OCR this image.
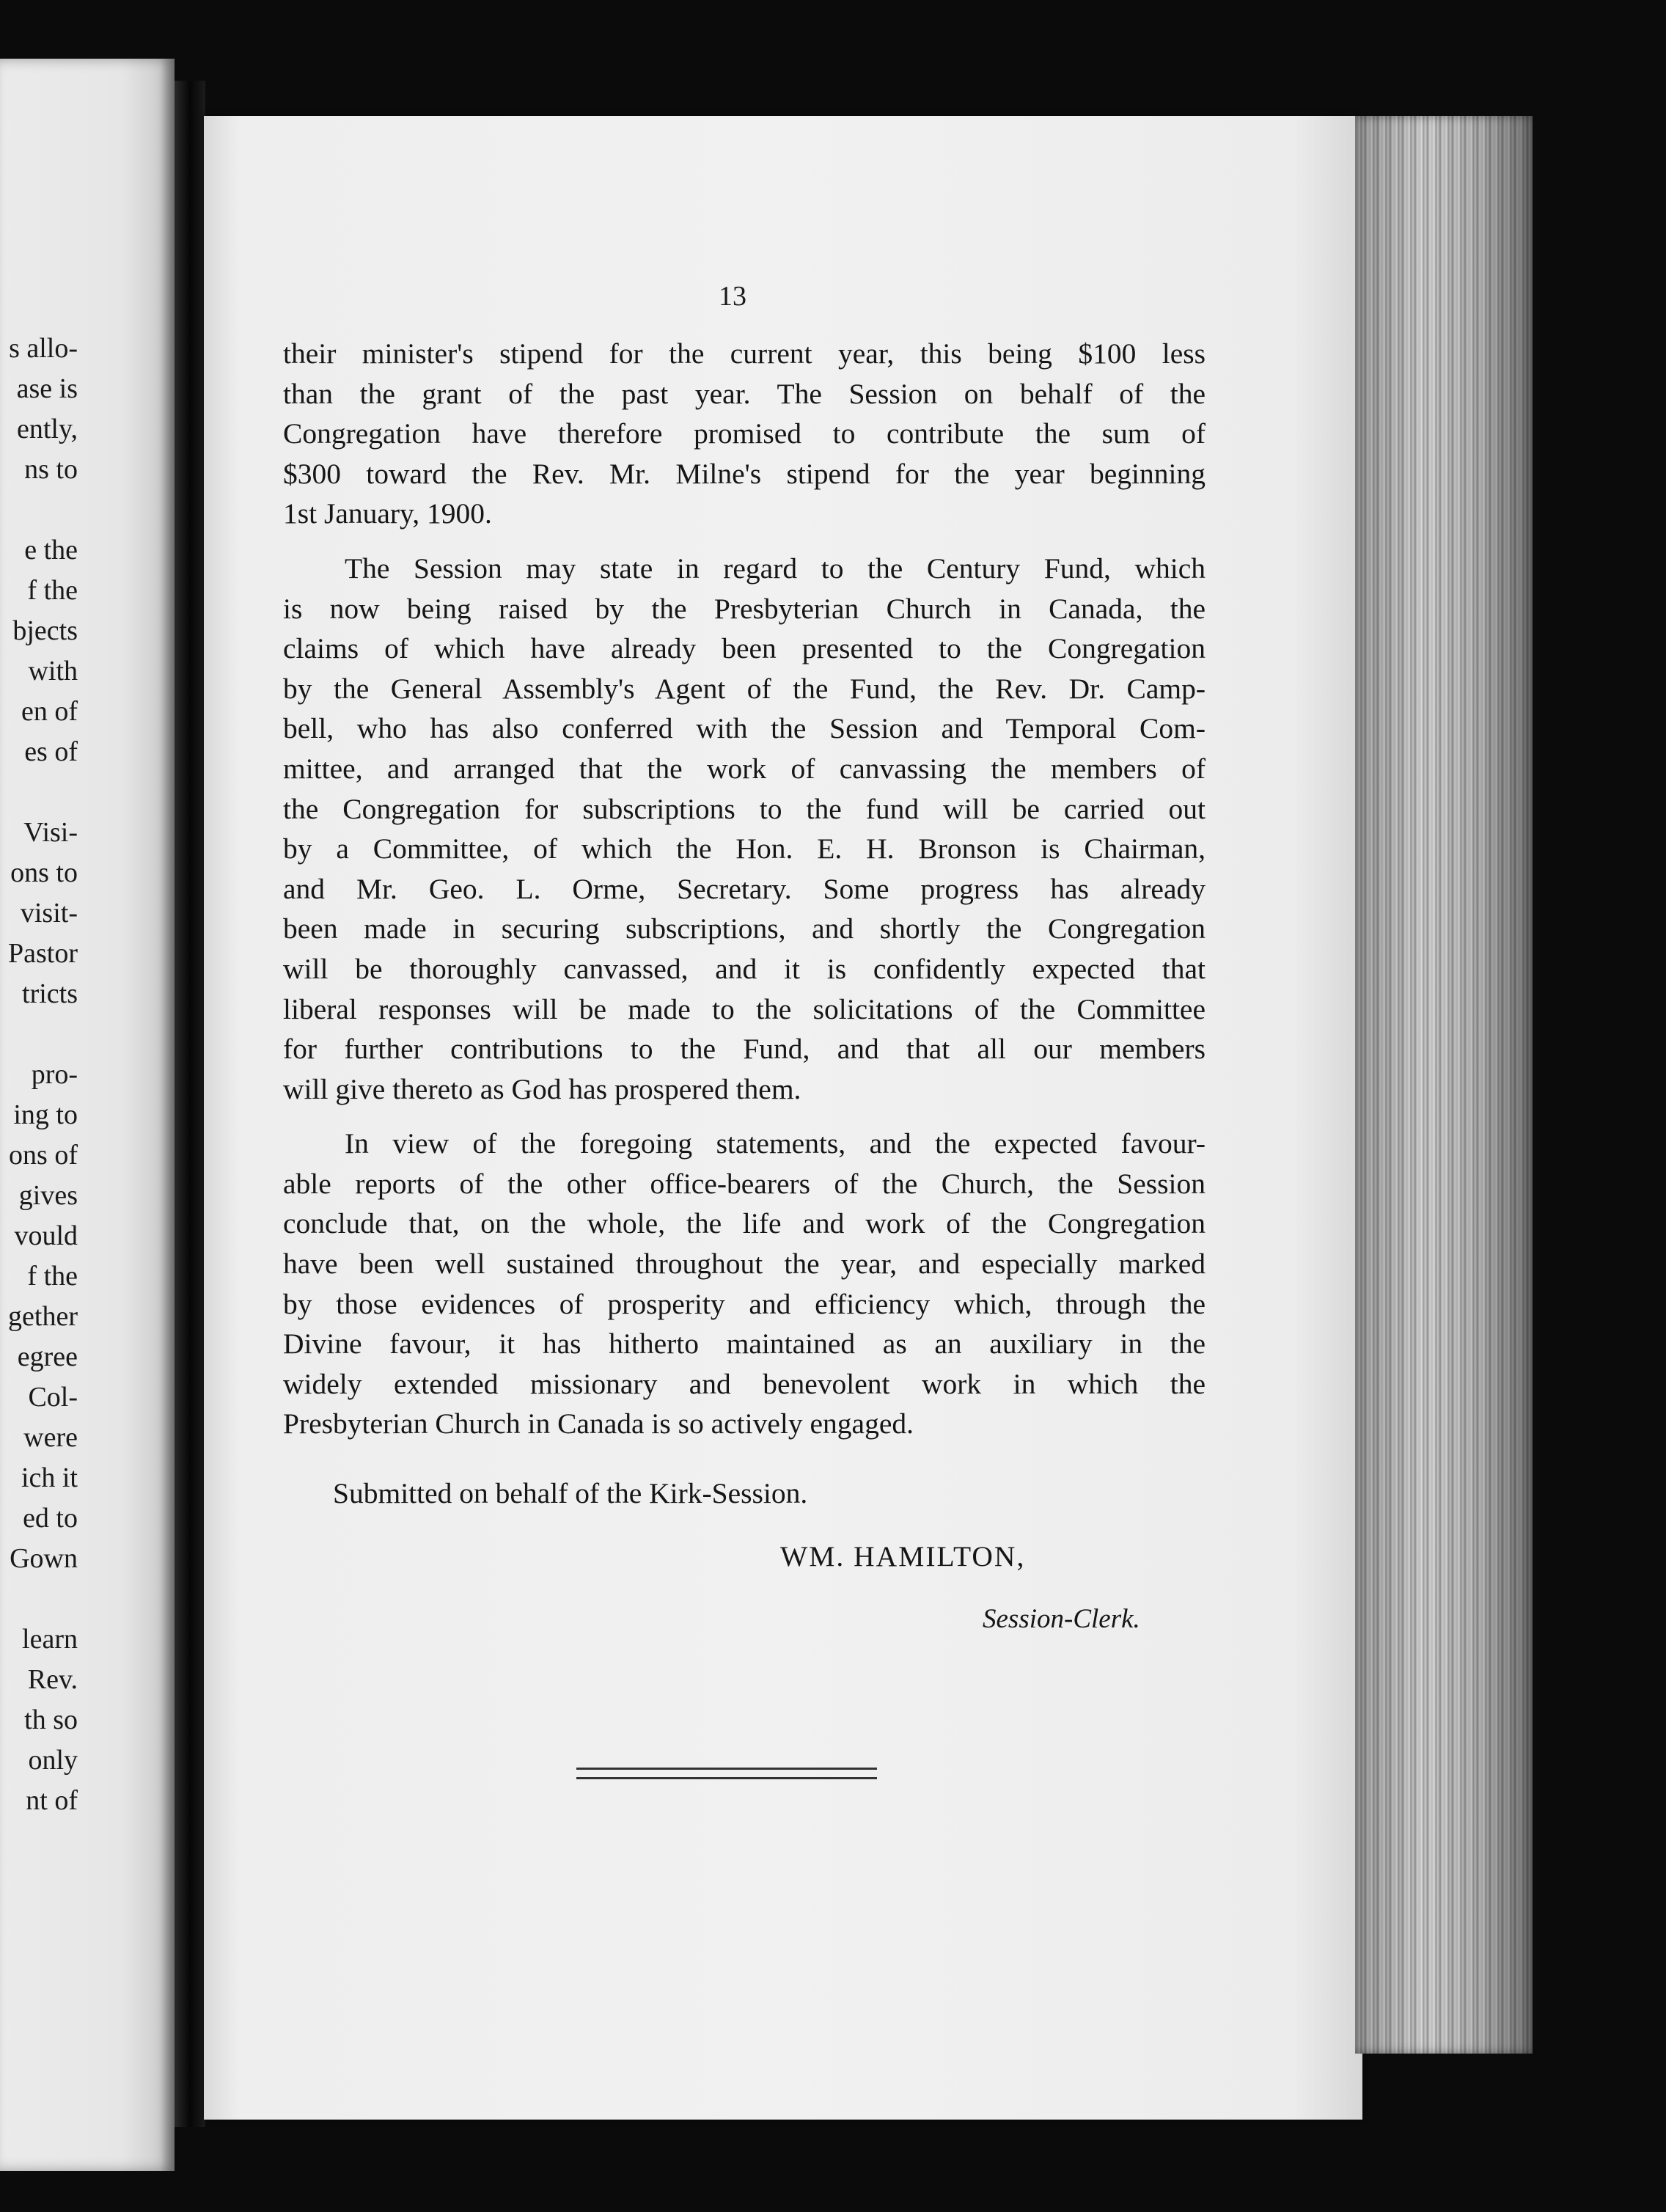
s allo-
ase is
ently,
ns to
e the
f the
bjects
with
en of
es of
Visi-
ons to
visit-
Pastor
tricts
pro-
ing to
ons of
gives
vould
f the
gether
egree
Col-
were
ich it
ed to
Gown
learn
Rev.
th so
only
nt of

13

their minister's stipend for the current year, this being $100 less

than the grant of the past year. The Session on behalf of the

Congregation have therefore promised to contribute the sum of

$300 toward the Rev. Mr. Milne's stipend for the year beginning

1st January, 1900.

The Session may state in regard to the Century Fund, which

is now being raised by the Presbyterian Church in Canada, the

claims of which have already been presented to the Congregation

by the General Assembly's Agent of the Fund, the Rev. Dr. Camp-

bell, who has also conferred with the Session and Temporal Com-

mittee, and arranged that the work of canvassing the members of

the Congregation for subscriptions to the fund will be carried out

by a Committee, of which the Hon. E. H. Bronson is Chairman,

and Mr. Geo. L. Orme, Secretary. Some progress has already

been made in securing subscriptions, and shortly the Congregation

will be thoroughly canvassed, and it is confidently expected that

liberal responses will be made to the solicitations of the Committee

for further contributions to the Fund, and that all our members

will give thereto as God has prospered them.

In view of the foregoing statements, and the expected favour-

able reports of the other office-bearers of the Church, the Session

conclude that, on the whole, the life and work of the Congregation

have been well sustained throughout the year, and especially marked

by those evidences of prosperity and efficiency which, through the

Divine favour, it has hitherto maintained as an auxiliary in the

widely extended missionary and benevolent work in which the

Presbyterian Church in Canada is so actively engaged.

Submitted on behalf of the Kirk-Session.

WM. HAMILTON,

Session-Clerk.
